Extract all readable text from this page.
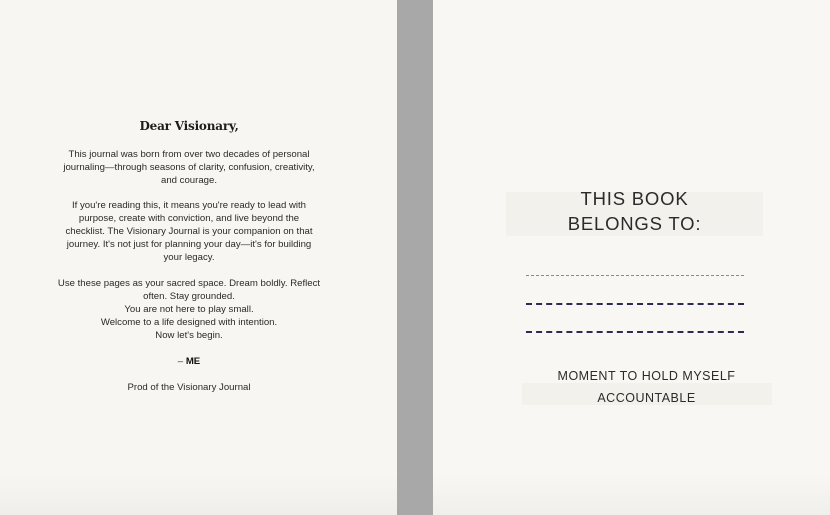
Dear Visionary,
This journal was born from over two decades of personal
journaling—through seasons of clarity, confusion, creativity,
and courage.
If you're reading this, it means you're ready to lead with
purpose, create with conviction, and live beyond the
checklist. The Visionary Journal is your companion on that
journey. It's not just for planning your day—it's for building
your legacy.
Use these pages as your sacred space. Dream boldly. Reflect
often. Stay grounded.
You are not here to play small.
Welcome to a life designed with intention.
Now let's begin.
– ME
Prod of the Visionary Journal
THIS BOOK
BELONGS TO:
MOMENT TO HOLD MYSELF
ACCOUNTABLE
